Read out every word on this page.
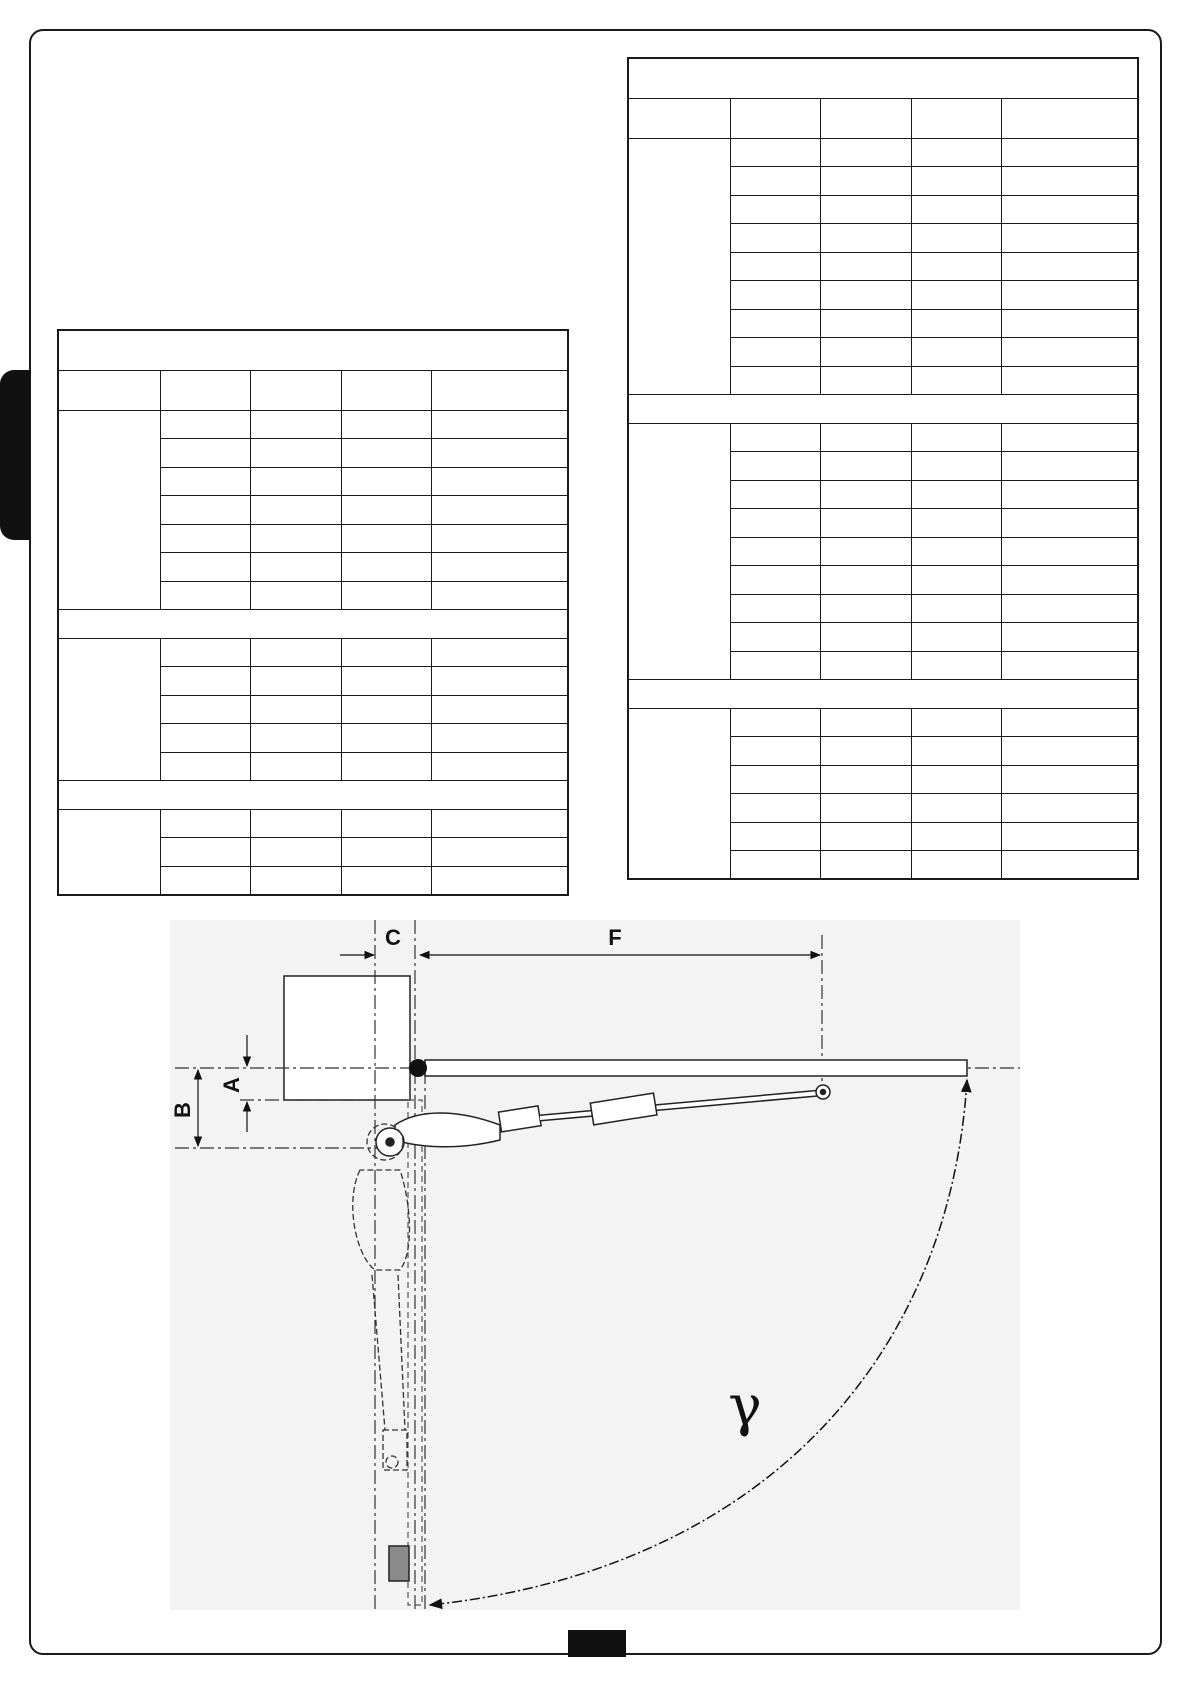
C	F
A
B
γ
